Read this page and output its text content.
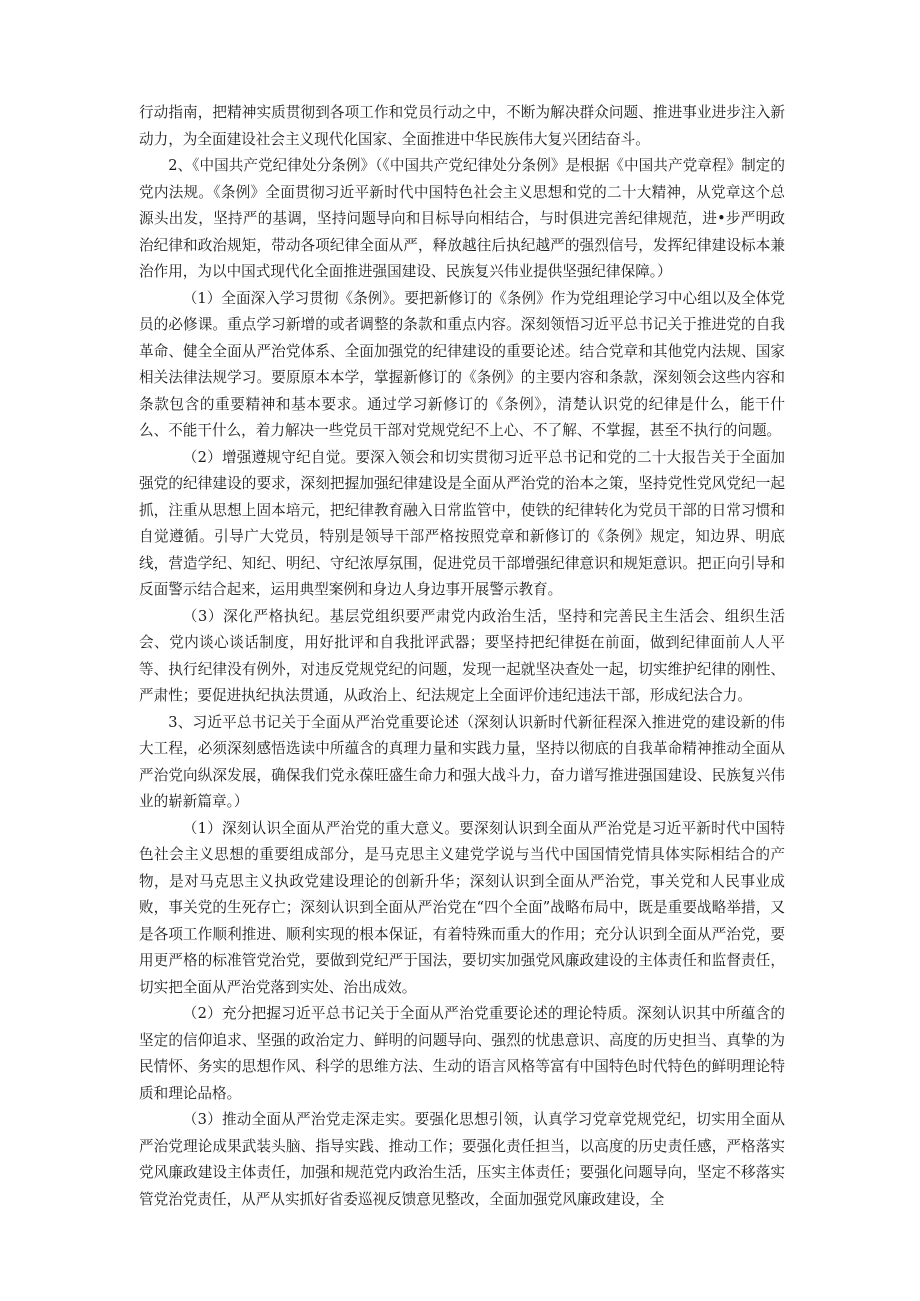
行动指南，把精神实质贯彻到各项工作和党员行动之中，不断为解决群众问题、推进事业进步注入新动力，为全面建设社会主义现代化国家、全面推进中华民族伟大复兴团结奋斗。

2、《中国共产党纪律处分条例》（《中国共产党纪律处分条例》是根据《中国共产党章程》制定的党内法规。《条例》全面贯彻习近平新时代中国特色社会主义思想和党的二十大精神，从党章这个总源头出发，坚持严的基调，坚持问题导向和目标导向相结合，与时俱进完善纪律规范，进•步严明政治纪律和政治规矩，带动各项纪律全面从严，释放越往后执纪越严的强烈信号，发挥纪律建设标本兼治作用，为以中国式现代化全面推进强国建设、民族复兴伟业提供坚强纪律保障。）

（1）全面深入学习贯彻《条例》。要把新修订的《条例》作为党组理论学习中心组以及全体党员的必修课。重点学习新增的或者调整的条款和重点内容。深刻领悟习近平总书记关于推进党的自我革命、健全全面从严治党体系、全面加强党的纪律建设的重要论述。结合党章和其他党内法规、国家相关法律法规学习。要原原本本学，掌握新修订的《条例》的主要内容和条款，深刻领会这些内容和条款包含的重要精神和基本要求。通过学习新修订的《条例》，清楚认识党的纪律是什么，能干什么、不能干什么，着力解决一些党员干部对党规党纪不上心、不了解、不掌握，甚至不执行的问题。

（2）增强遵规守纪自觉。要深入领会和切实贯彻习近平总书记和党的二十大报告关于全面加强党的纪律建设的要求，深刻把握加强纪律建设是全面从严治党的治本之策，坚持党性党风党纪一起抓，注重从思想上固本培元，把纪律教育融入日常监管中，使铁的纪律转化为党员干部的日常习惯和自觉遵循。引导广大党员，特别是领导干部严格按照党章和新修订的《条例》规定，知边界、明底线，营造学纪、知纪、明纪、守纪浓厚氛围，促进党员干部增强纪律意识和规矩意识。把正向引导和反面警示结合起来，运用典型案例和身边人身边事开展警示教育。

（3）深化严格执纪。基层党组织要严肃党内政治生活，坚持和完善民主生活会、组织生活会、党内谈心谈话制度，用好批评和自我批评武器；要坚持把纪律挺在前面，做到纪律面前人人平等、执行纪律没有例外，对违反党规党纪的问题，发现一起就坚决查处一起，切实维护纪律的刚性、严肃性；要促进执纪执法贯通，从政治上、纪法规定上全面评价违纪违法干部，形成纪法合力。

3、习近平总书记关于全面从严治党重要论述（深刻认识新时代新征程深入推进党的建设新的伟大工程，必须深刻感悟选读中所蕴含的真理力量和实践力量，坚持以彻底的自我革命精神推动全面从严治党向纵深发展，确保我们党永葆旺盛生命力和强大战斗力，奋力谱写推进强国建设、民族复兴伟业的崭新篇章。）

（1）深刻认识全面从严治党的重大意义。要深刻认识到全面从严治党是习近平新时代中国特色社会主义思想的重要组成部分，是马克思主义建党学说与当代中国国情党情具体实际相结合的产物，是对马克思主义执政党建设理论的创新升华；深刻认识到全面从严治党，事关党和人民事业成败，事关党的生死存亡；深刻认识到全面从严治党在“四个全面”战略布局中，既是重要战略举措，又是各项工作顺利推进、顺利实现的根本保证，有着特殊而重大的作用；充分认识到全面从严治党，要用更严格的标准管党治党，要做到党纪严于国法，要切实加强党风廉政建设的主体责任和监督责任，切实把全面从严治党落到实处、治出成效。

（2）充分把握习近平总书记关于全面从严治党重要论述的理论特质。深刻认识其中所蕴含的坚定的信仰追求、坚强的政治定力、鲜明的问题导向、强烈的忧患意识、高度的历史担当、真挚的为民情怀、务实的思想作风、科学的思维方法、生动的语言风格等富有中国特色时代特色的鲜明理论特质和理论品格。

（3）推动全面从严治党走深走实。要强化思想引领，认真学习党章党规党纪，切实用全面从严治党理论成果武装头脑、指导实践、推动工作；要强化责任担当，以高度的历史责任感，严格落实党风廉政建设主体责任，加强和规范党内政治生活，压实主体责任；要强化问题导向，坚定不移落实管党治党责任，从严从实抓好省委巡视反馈意见整改，全面加强党风廉政建设，全
